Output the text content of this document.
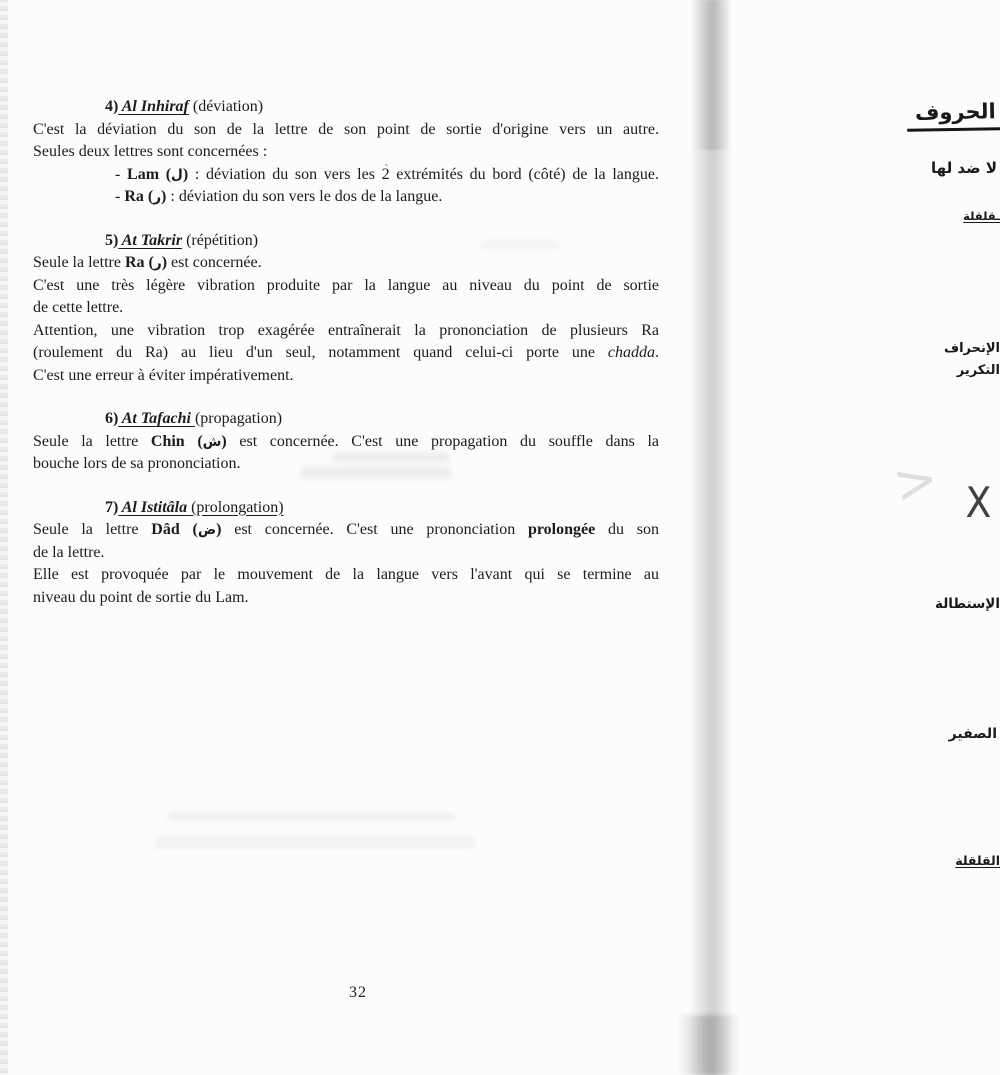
4) Al Inhiraf (déviation)
C'est la déviation du son de la lettre de son point de sortie d'origine vers un autre.
Seules deux lettres sont concernées :
- Lam (ل) : déviation du son vers les 2 ˋ extrémités du bord (côté) de la langue.
- Ra (ر) : déviation du son vers le dos de la langue.
5) At Takrir (répétition)
Seule la lettre Ra (ر) est concernée.
C'est une très légère vibration produite par la langue au niveau du point de sortie
de cette lettre.
Attention, une vibration trop exagérée entraînerait la prononciation de plusieurs Ra
(roulement du Ra) au lieu d'un seul, notamment quand celui-ci porte une chadda.
C'est une erreur à éviter impérativement.
6) At Tafachi (propagation)
Seule la lettre Chin (ش) est concernée. C'est une propagation du souffle dans la
bouche lors de sa prononciation.
7) Al Istitâla (prolongation)
Seule la lettre Dâd (ض) est concernée. C'est une prononciation prolongée du son
de la lettre.
Elle est provoquée par le mouvement de la langue vers l'avant qui se termine au
niveau du point de sortie du Lam.
32
الحروف
لا ضد لها
ـقلقلة
الإنحراف
التكرير
X
<
الإستطالة
الصفير
القلقلة
